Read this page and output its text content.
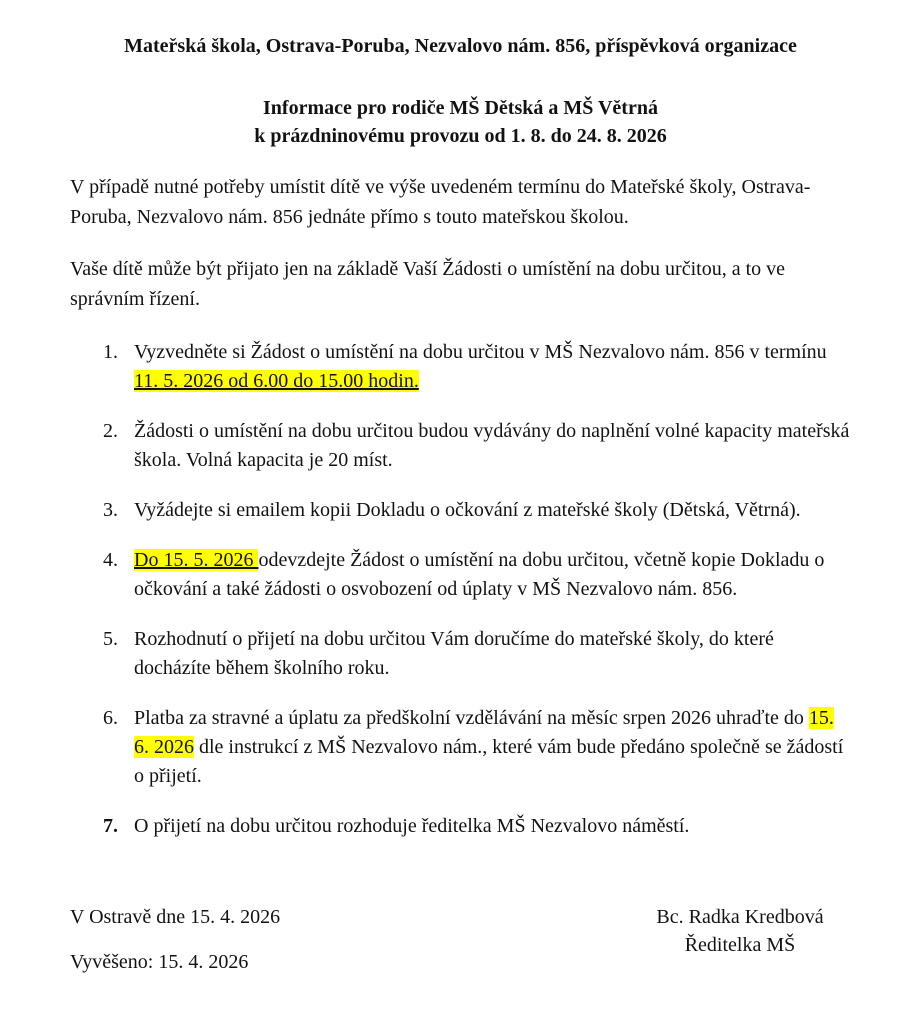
Mateřská škola, Ostrava-Poruba, Nezvalovo nám. 856, příspěvková organizace
Informace pro rodiče MŠ Dětská a MŠ Větrná
k prázdninovému provozu od 1. 8. do 24. 8. 2026

V případě nutné potřeby umístit dítě ve výše uvedeném termínu do Mateřské školy, Ostrava-Poruba, Nezvalovo nám. 856 jednáte přímo s touto mateřskou školou.

Vaše dítě může být přijato jen na základě Vaší Žádosti o umístění na dobu určitou, a to ve správním řízení.

1. Vyzvedněte si Žádost o umístění na dobu určitou v MŠ Nezvalovo nám. 856 v termínu 11. 5. 2026 od 6.00 do 15.00 hodin.
2. Žádosti o umístění na dobu určitou budou vydávány do naplnění volné kapacity mateřská škola. Volná kapacita je 20 míst.
3. Vyžádejte si emailem kopii Dokladu o očkování z mateřské školy (Dětská, Větrná).
4. Do 15. 5. 2026 odevzdejte Žádost o umístění na dobu určitou, včetně kopie Dokladu o očkování a také žádosti o osvobození od úplaty v MŠ Nezvalovo nám. 856.
5. Rozhodnutí o přijetí na dobu určitou Vám doručíme do mateřské školy, do které docházíte během školního roku.
6. Platba za stravné a úplatu za předškolní vzdělávání na měsíc srpen 2026 uhraďte do 15. 6. 2026 dle instrukcí z MŠ Nezvalovo nám., které vám bude předáno společně se žádostí o přijetí.
7. O přijetí na dobu určitou rozhoduje ředitelka MŠ Nezvalovo náměstí.
V Ostravě dne 15. 4. 2026
Vyvěšeno: 15. 4. 2026
Bc. Radka Kredbová
Ředitelka MŠ
